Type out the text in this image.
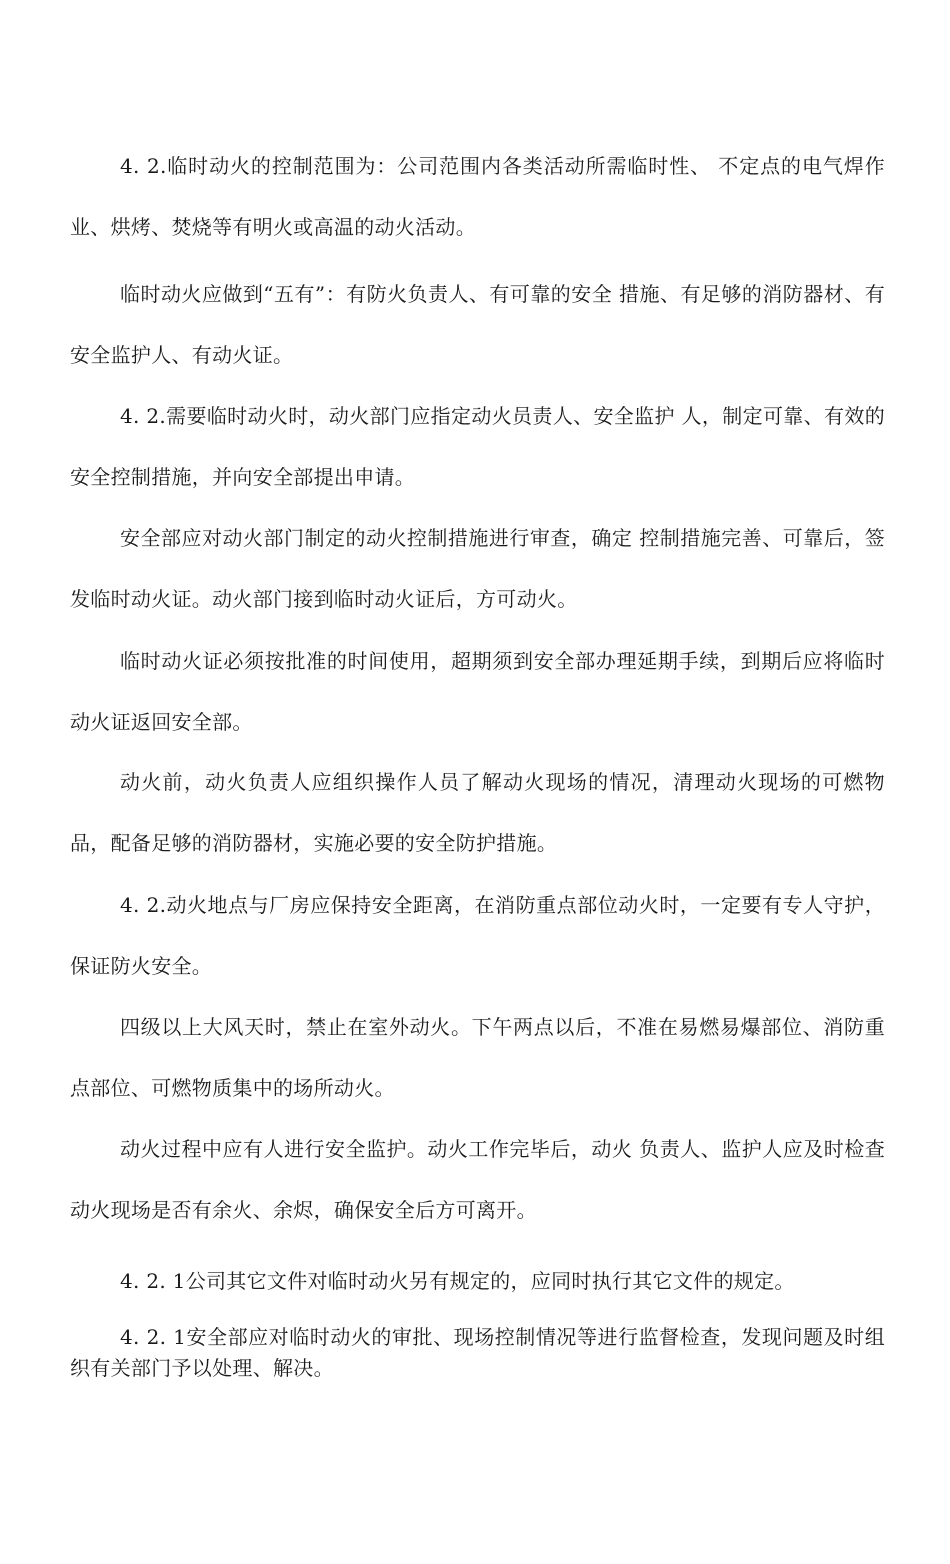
4. 2.临时动火的控制范围为：公司范围内各类活动所需临时性、 不定点的电气焊作业、烘烤、焚烧等有明火或高温的动火活动。

临时动火应做到“五有”：有防火负责人、有可靠的安全 措施、有足够的消防器材、有安全监护人、有动火证。

4. 2.需要临时动火时，动火部门应指定动火员责人、安全监护 人，制定可靠、有效的安全控制措施，并向安全部提出申请。

安全部应对动火部门制定的动火控制措施进行审查，确定 控制措施完善、可靠后，签发临时动火证。动火部门接到临时动火证后，方可动火。

临时动火证必须按批准的时间使用，超期须到安全部办理延期手续，到期后应将临时动火证返回安全部。

动火前，动火负责人应组织操作人员了解动火现场的情况，清理动火现场的可燃物品，配备足够的消防器材，实施必要的安全防护措施。

4. 2.动火地点与厂房应保持安全距离，在消防重点部位动火时，一定要有专人守护，保证防火安全。

四级以上大风天时，禁止在室外动火。下午两点以后，不准在易燃易爆部位、消防重点部位、可燃物质集中的场所动火。

动火过程中应有人进行安全监护。动火工作完毕后，动火 负责人、监护人应及时检查动火现场是否有余火、余烬，确保安全后方可离开。

4. 2. 1公司其它文件对临时动火另有规定的，应同时执行其它文件的规定。

4. 2. 1安全部应对临时动火的审批、现场控制情况等进行监督检查，发现问题及时组织有关部门予以处理、解决。
